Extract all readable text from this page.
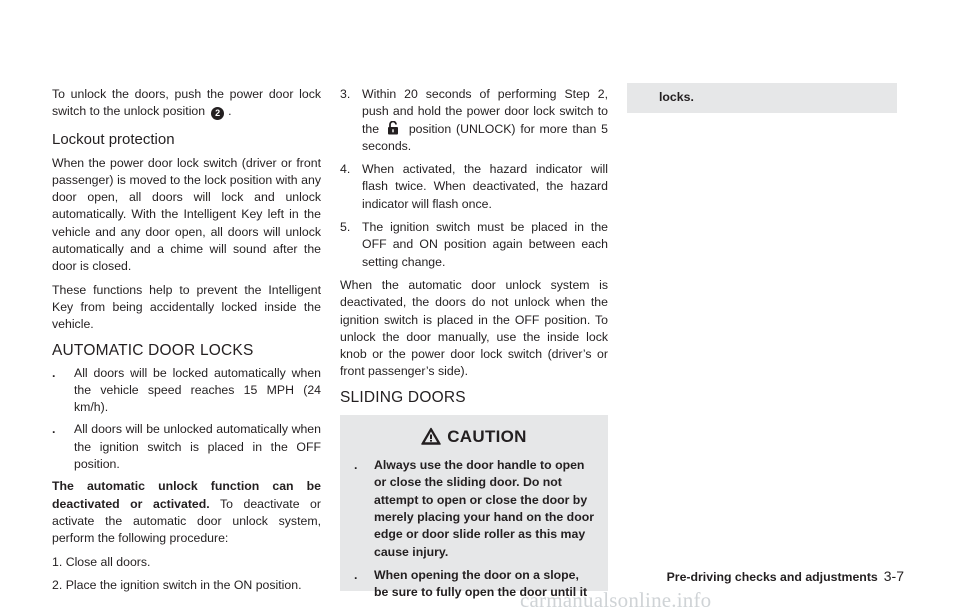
To unlock the doors, push the power door lock switch to the unlock position 2 .

Lockout protection

When the power door lock switch (driver or front passenger) is moved to the lock position with any door open, all doors will lock and unlock automatically. With the Intelligent Key left in the vehicle and any door open, all doors will unlock automatically and a chime will sound after the door is closed.

These functions help to prevent the Intelligent Key from being accidentally locked inside the vehicle.

AUTOMATIC DOOR LOCKS
. All doors will be locked automatically when the vehicle speed reaches 15 MPH (24 km/h).
. All doors will be unlocked automatically when the ignition switch is placed in the OFF position.

The automatic unlock function can be deactivated or activated. To deactivate or activate the automatic door unlock system, perform the following procedure:

1. Close all doors.

2. Place the ignition switch in the ON position.

3. Within 20 seconds of performing Step 2, push and hold the power door lock switch to the position (UNLOCK) for more than 5 seconds.
4. When activated, the hazard indicator will flash twice. When deactivated, the hazard indicator will flash once.
5. The ignition switch must be placed in the OFF and ON position again between each setting change.

When the automatic door unlock system is deactivated, the doors do not unlock when the ignition switch is placed in the OFF position. To unlock the door manually, use the inside lock knob or the power door lock switch (driver’s or front passenger’s side).

SLIDING DOORS
CAUTION
. Always use the door handle to open or close the sliding door. Do not attempt to open or close the door by merely placing your hand on the door edge or door slide roller as this may cause injury.
. When opening the door on a slope, be sure to fully open the door until it
locks.
Pre-driving checks and adjustments 3-7
carmanualsonline.info
